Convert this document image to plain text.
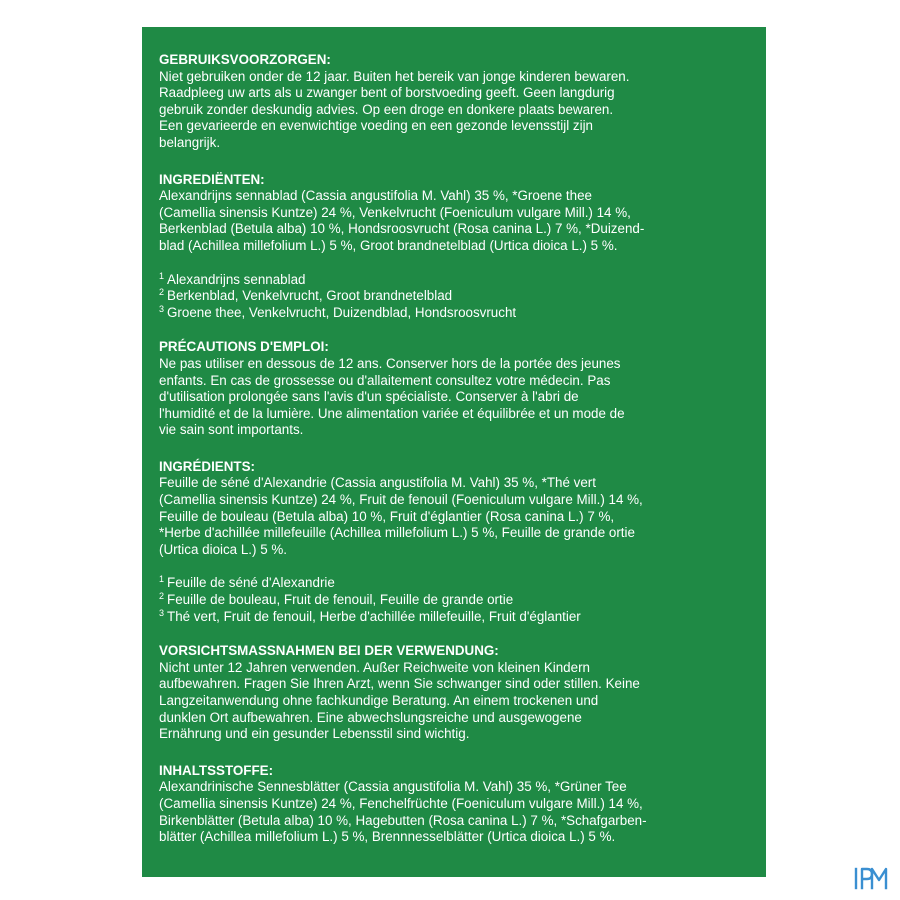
GEBRUIKSVOORZORGEN:

Niet gebruiken onder de 12 jaar. Buiten het bereik van jonge kinderen bewaren.

Raadpleeg uw arts als u zwanger bent of borstvoeding geeft. Geen langdurig

gebruik zonder deskundig advies. Op een droge en donkere plaats bewaren.

Een gevarieerde en evenwichtige voeding en een gezonde levensstijl zijn

belangrijk.

INGREDIËNTEN:

Alexandrijns sennablad (Cassia angustifolia M. Vahl) 35 %, *Groene thee

(Camellia sinensis Kuntze) 24 %, Venkelvrucht (Foeniculum vulgare Mill.) 14 %,

Berkenblad (Betula alba) 10 %, Hondsroosvrucht (Rosa canina L.) 7 %, *Duizend-

blad (Achillea millefolium L.) 5 %, Groot brandnetelblad (Urtica dioica L.) 5 %.

$^1$ Alexandrijns sennablad

$^2$ Berkenblad, Venkelvrucht, Groot brandnetelblad

$^3$ Groene thee, Venkelvrucht, Duizendblad, Hondsroosvrucht

PRÉCAUTIONS D'EMPLOI:

Ne pas utiliser en dessous de 12 ans. Conserver hors de la portée des jeunes

enfants. En cas de grossesse ou d'allaitement consultez votre médecin. Pas

d'utilisation prolongée sans l'avis d'un spécialiste. Conserver à l'abri de

l'humidité et de la lumière. Une alimentation variée et équilibrée et un mode de

vie sain sont importants.

INGRÉDIENTS:

Feuille de séné d'Alexandrie (Cassia angustifolia M. Vahl) 35 %, *Thé vert

(Camellia sinensis Kuntze) 24 %, Fruit de fenouil (Foeniculum vulgare Mill.) 14 %,

Feuille de bouleau (Betula alba) 10 %, Fruit d'églantier (Rosa canina L.) 7 %,

*Herbe d'achillée millefeuille (Achillea millefolium L.) 5 %, Feuille de grande ortie

(Urtica dioica L.) 5 %.

$^1$ Feuille de séné d'Alexandrie

$^2$ Feuille de bouleau, Fruit de fenouil, Feuille de grande ortie

$^3$ Thé vert, Fruit de fenouil, Herbe d'achillée millefeuille, Fruit d'églantier

VORSICHTSMASSNAHMEN BEI DER VERWENDUNG:

Nicht unter 12 Jahren verwenden. Außer Reichweite von kleinen Kindern

aufbewahren. Fragen Sie Ihren Arzt, wenn Sie schwanger sind oder stillen. Keine

Langzeitanwendung ohne fachkundige Beratung. An einem trockenen und

dunklen Ort aufbewahren. Eine abwechslungsreiche und ausgewogene

Ernährung und ein gesunder Lebensstil sind wichtig.

INHALTSSTOFFE:

Alexandrinische Sennesblätter (Cassia angustifolia M. Vahl) 35 %, *Grüner Tee

(Camellia sinensis Kuntze) 24 %, Fenchelfrüchte (Foeniculum vulgare Mill.) 14 %,

Birkenblätter (Betula alba) 10 %, Hagebutten (Rosa canina L.) 7 %, *Schafgarben-

blätter (Achillea millefolium L.) 5 %, Brennnesselblätter (Urtica dioica L.) 5 %.
